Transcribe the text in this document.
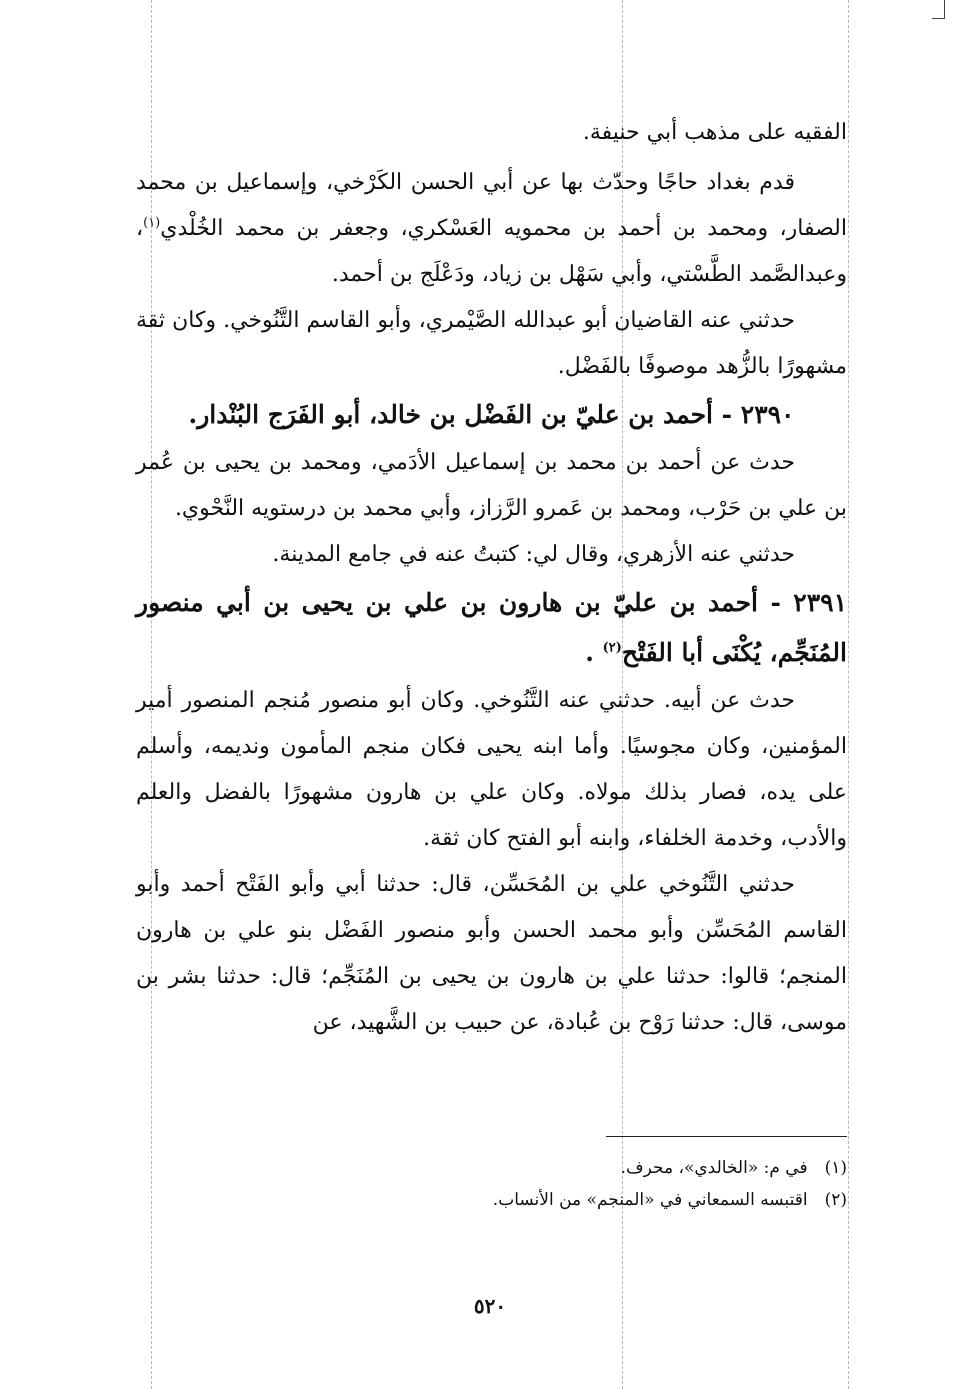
الفقيه على مذهب أبي حنيفة.

قدم بغداد حاجًا وحدّث بها عن أبي الحسن الكَرْخي، وإسماعيل بن محمد الصفار، ومحمد بن أحمد بن محمويه العَسْكري، وجعفر بن محمد الخُلْدي$^{(١)}$، وعبدالصَّمد الطَّسْتي، وأبي سَهْل بن زياد، ودَعْلَج بن أحمد.

حدثني عنه القاضيان أبو عبدالله الصَّيْمري، وأبو القاسم التَّنُوخي. وكان ثقة مشهورًا بالزُّهد موصوفًا بالفَضْل.

٢٣٩٠ - أحمد بن عليّ بن الفَضْل بن خالد، أبو الفَرَج البُنْدار.

حدث عن أحمد بن محمد بن إسماعيل الأدَمي، ومحمد بن يحيى بن عُمر بن علي بن حَرْب، ومحمد بن عَمرو الرَّزاز، وأبي محمد بن درستويه النَّحْوي.

حدثني عنه الأزهري، وقال لي: كتبتُ عنه في جامع المدينة.

٢٣٩١ - أحمد بن عليّ بن هارون بن علي بن يحيى بن أبي منصور المُنَجِّم، يُكْنَى أبا الفَتْح$^{(٢)}$ .

حدث عن أبيه. حدثني عنه التَّنُوخي. وكان أبو منصور مُنجم المنصور أمير المؤمنين، وكان مجوسيًا. وأما ابنه يحيى فكان منجم المأمون ونديمه، وأسلم على يده، فصار بذلك مولاه. وكان علي بن هارون مشهورًا بالفضل والعلم والأدب، وخدمة الخلفاء، وابنه أبو الفتح كان ثقة.

حدثني التَّنُوخي علي بن المُحَسِّن، قال: حدثنا أبي وأبو الفَتْح أحمد وأبو القاسم المُحَسِّن وأبو محمد الحسن وأبو منصور الفَضْل بنو علي بن هارون المنجم؛ قالوا: حدثنا علي بن هارون بن يحيى بن المُنَجِّم؛ قال: حدثنا بشر بن موسى، قال: حدثنا رَوْح بن عُبادة، عن حبيب بن الشَّهيد، عن

(١) في م: «الخالدي»، محرف.

(٢) اقتبسه السمعاني في «المنجم» من الأنساب.

٥٢٠
